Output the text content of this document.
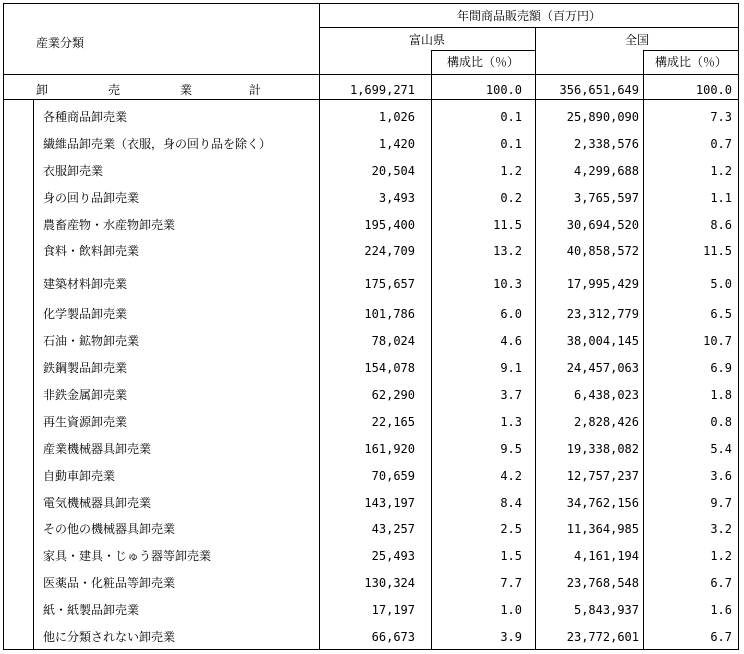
産業分類
年間商品販売額（百万円）
富山県	全国
構成比（％）	構成比（％）
卸	売	業	計	1,699,271	100.0	356,651,649	100.0
各種商品卸売業	1,026	0.1	25,890,090	7.3
繊維品卸売業（衣服，身の回り品を除く）	1,420	0.1	2,338,576	0.7
衣服卸売業	20,504	1.2	4,299,688	1.2
身の回り品卸売業	3,493	0.2	3,765,597	1.1
農畜産物・水産物卸売業	195,400	11.5	30,694,520	8.6
食料・飲料卸売業	224,709	13.2	40,858,572	11.5
建築材料卸売業	175,657	10.3	17,995,429	5.0
化学製品卸売業	101,786	6.0	23,312,779	6.5
石油・鉱物卸売業	78,024	4.6	38,004,145	10.7
鉄鋼製品卸売業	154,078	9.1	24,457,063	6.9
非鉄金属卸売業	62,290	3.7	6,438,023	1.8
再生資源卸売業	22,165	1.3	2,828,426	0.8
産業機械器具卸売業	161,920	9.5	19,338,082	5.4
自動車卸売業	70,659	4.2	12,757,237	3.6
電気機械器具卸売業	143,197	8.4	34,762,156	9.7
その他の機械器具卸売業	43,257	2.5	11,364,985	3.2
家具・建具・じゅう器等卸売業	25,493	1.5	4,161,194	1.2
医薬品・化粧品等卸売業	130,324	7.7	23,768,548	6.7
紙・紙製品卸売業	17,197	1.0	5,843,937	1.6
他に分類されない卸売業	66,673	3.9	23,772,601	6.7
